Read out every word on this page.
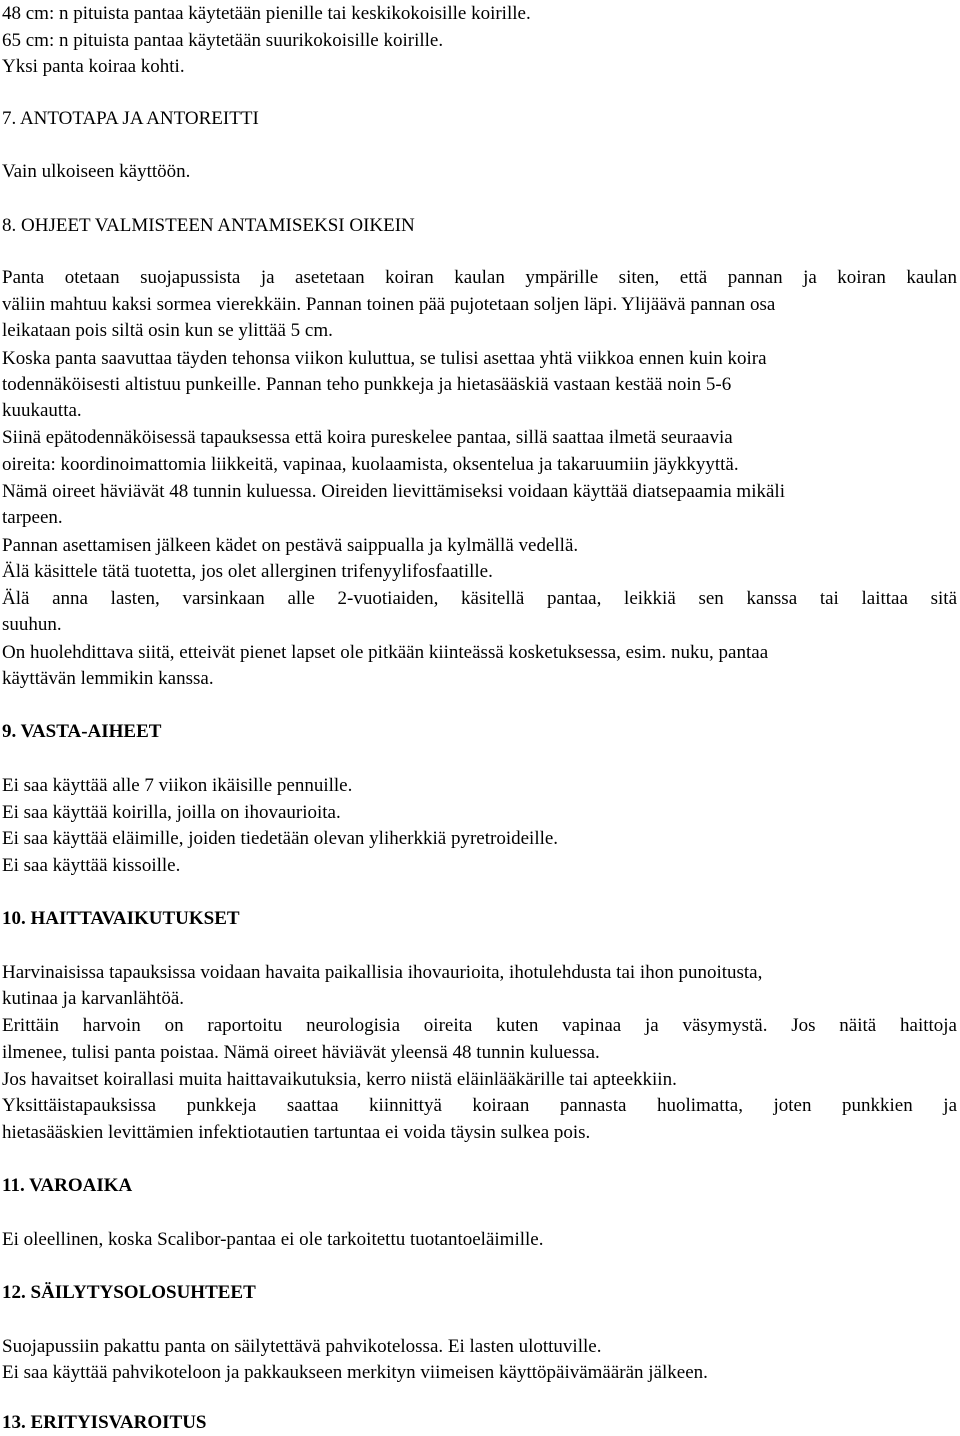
48 cm: n pituista pantaa käytetään pienille tai keskikokoisille koirille.
65 cm: n pituista pantaa käytetään suurikokoisille koirille.
Yksi panta koiraa kohti.
7. ANTOTAPA JA ANTOREITTI
Vain ulkoiseen käyttöön.
8. OHJEET VALMISTEEN ANTAMISEKSI OIKEIN
Panta otetaan suojapussista ja asetetaan koiran kaulan ympärille siten, että pannan ja koiran kaulan
väliin mahtuu kaksi sormea vierekkäin. Pannan toinen pää pujotetaan soljen läpi. Ylijäävä pannan osa
leikataan pois siltä osin kun se ylittää 5 cm.
Koska panta saavuttaa täyden tehonsa viikon kuluttua, se tulisi asettaa yhtä viikkoa ennen kuin koira
todennäköisesti altistuu punkeille. Pannan teho punkkeja ja hietasääskiä vastaan kestää noin 5-6
kuukautta.
Siinä epätodennäköisessä tapauksessa että koira pureskelee pantaa, sillä saattaa ilmetä seuraavia
oireita: koordinoimattomia liikkeitä, vapinaa, kuolaamista, oksentelua ja takaruumiin jäykkyyttä.
Nämä oireet häviävät 48 tunnin kuluessa. Oireiden lievittämiseksi voidaan käyttää diatsepaamia mikäli
tarpeen.
Pannan asettamisen jälkeen kädet on pestävä saippualla ja kylmällä vedellä.
Älä käsittele tätä tuotetta, jos olet allerginen trifenyylifosfaatille.
Älä anna lasten, varsinkaan alle 2-vuotiaiden, käsitellä pantaa, leikkiä sen kanssa tai laittaa sitä
suuhun.
On huolehdittava siitä, etteivät pienet lapset ole pitkään kiinteässä kosketuksessa, esim. nuku, pantaa
käyttävän lemmikin kanssa.
9. VASTA-AIHEET
Ei saa käyttää alle 7 viikon ikäisille pennuille.
Ei saa käyttää koirilla, joilla on ihovaurioita.
Ei saa käyttää eläimille, joiden tiedetään olevan yliherkkiä pyretroideille.
Ei saa käyttää kissoille.
10. HAITTAVAIKUTUKSET
Harvinaisissa tapauksissa voidaan havaita paikallisia ihovaurioita, ihotulehdusta tai ihon punoitusta,
kutinaa ja karvanlähtöä.
Erittäin harvoin on raportoitu neurologisia oireita kuten vapinaa ja väsymystä. Jos näitä haittoja
ilmenee, tulisi panta poistaa. Nämä oireet häviävät yleensä 48 tunnin kuluessa.
Jos havaitset koirallasi muita haittavaikutuksia, kerro niistä eläinlääkärille tai apteekkiin.
Yksittäistapauksissa punkkeja saattaa kiinnittyä koiraan pannasta huolimatta, joten punkkien ja
hietasääskien levittämien infektiotautien tartuntaa ei voida täysin sulkea pois.
11. VAROAIKA
Ei oleellinen, koska Scalibor-pantaa ei ole tarkoitettu tuotantoeläimille.
12. SÄILYTYSOLOSUHTEET
Suojapussiin pakattu panta on säilytettävä pahvikotelossa. Ei lasten ulottuville.
Ei saa käyttää pahvikoteloon ja pakkaukseen merkityn viimeisen käyttöpäivämäärän jälkeen.
13. ERITYISVAROITUS
